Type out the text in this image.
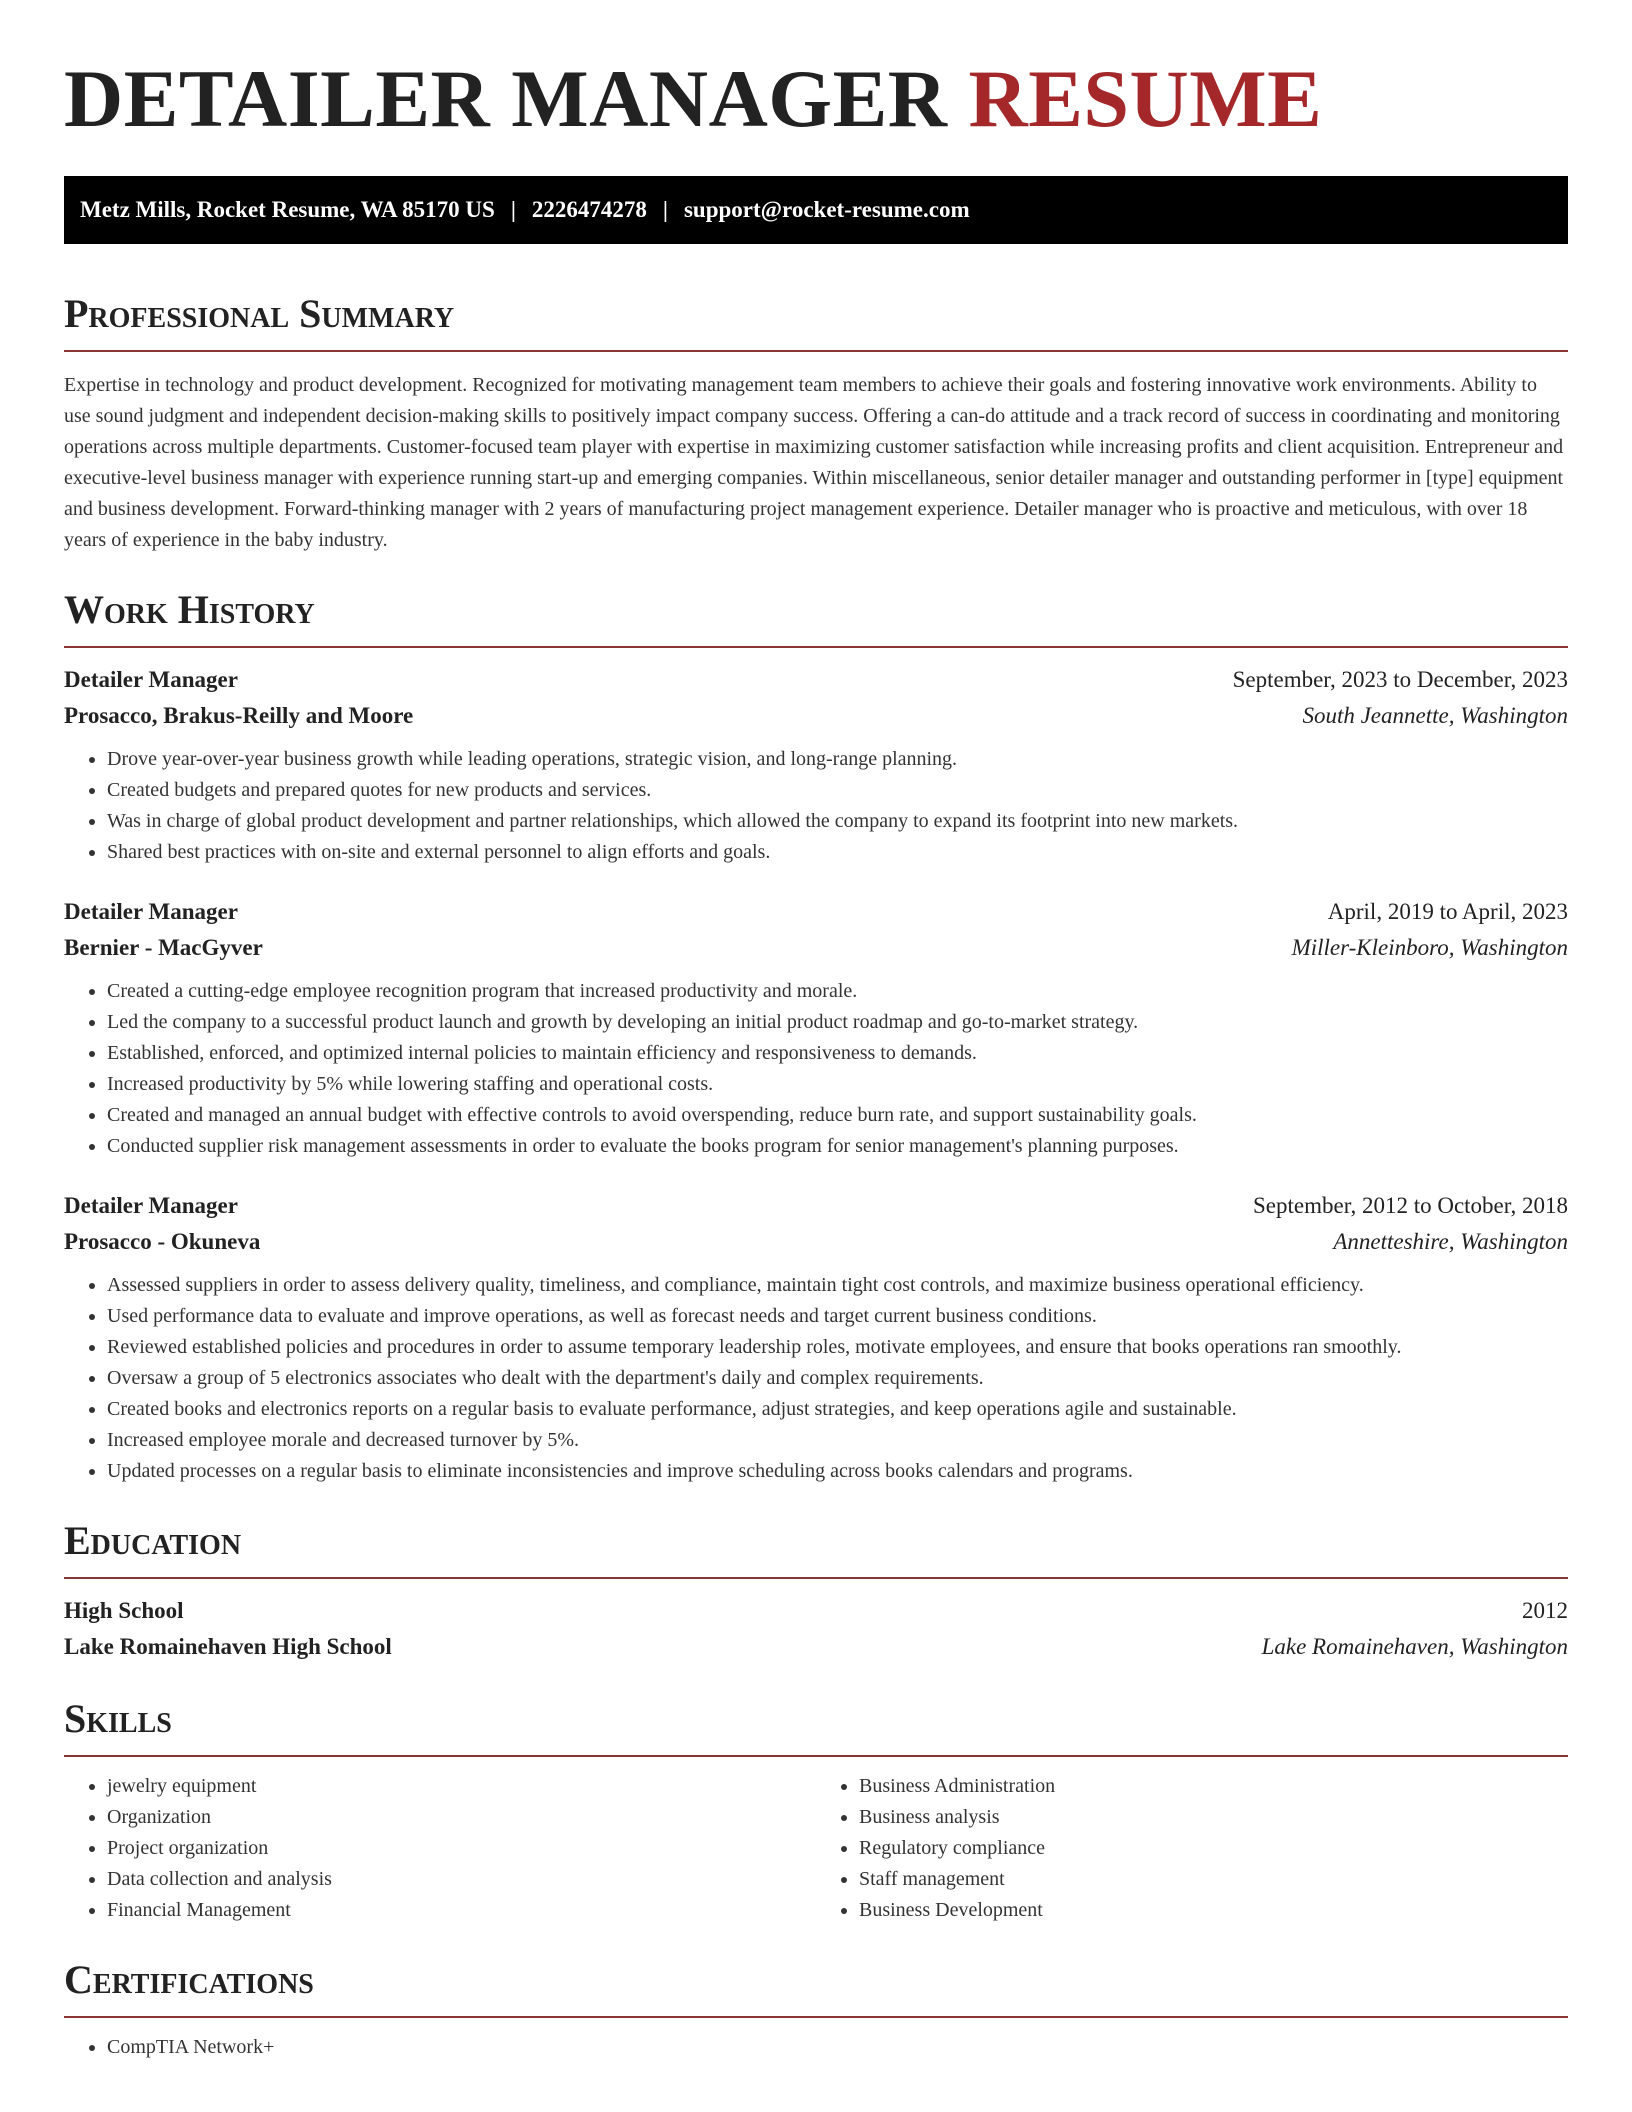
DETAILER MANAGER RESUME
Metz Mills, Rocket Resume, WA 85170 US | 2226474278 | support@rocket-resume.com
Professional Summary

Expertise in technology and product development. Recognized for motivating management team members to achieve their goals and fostering innovative work environments. Ability to use sound judgment and independent decision-making skills to positively impact company success. Offering a can-do attitude and a track record of success in coordinating and monitoring operations across multiple departments. Customer-focused team player with expertise in maximizing customer satisfaction while increasing profits and client acquisition. Entrepreneur and executive-level business manager with experience running start-up and emerging companies. Within miscellaneous, senior detailer manager and outstanding performer in [type] equipment and business development. Forward-thinking manager with 2 years of manufacturing project management experience. Detailer manager who is proactive and meticulous, with over 18 years of experience in the baby industry.

Work History
Detailer Manager	September, 2023 to December, 2023
Prosacco, Brakus-Reilly and Moore	South Jeannette, Washington
• Drove year-over-year business growth while leading operations, strategic vision, and long-range planning.
• Created budgets and prepared quotes for new products and services.
• Was in charge of global product development and partner relationships, which allowed the company to expand its footprint into new markets.
• Shared best practices with on-site and external personnel to align efforts and goals.
Detailer Manager	April, 2019 to April, 2023
Bernier - MacGyver	Miller-Kleinboro, Washington
• Created a cutting-edge employee recognition program that increased productivity and morale.
• Led the company to a successful product launch and growth by developing an initial product roadmap and go-to-market strategy.
• Established, enforced, and optimized internal policies to maintain efficiency and responsiveness to demands.
• Increased productivity by 5% while lowering staffing and operational costs.
• Created and managed an annual budget with effective controls to avoid overspending, reduce burn rate, and support sustainability goals.
• Conducted supplier risk management assessments in order to evaluate the books program for senior management's planning purposes.
Detailer Manager	September, 2012 to October, 2018
Prosacco - Okuneva	Annetteshire, Washington
• Assessed suppliers in order to assess delivery quality, timeliness, and compliance, maintain tight cost controls, and maximize business operational efficiency.
• Used performance data to evaluate and improve operations, as well as forecast needs and target current business conditions.
• Reviewed established policies and procedures in order to assume temporary leadership roles, motivate employees, and ensure that books operations ran smoothly.
• Oversaw a group of 5 electronics associates who dealt with the department's daily and complex requirements.
• Created books and electronics reports on a regular basis to evaluate performance, adjust strategies, and keep operations agile and sustainable.
• Increased employee morale and decreased turnover by 5%.
• Updated processes on a regular basis to eliminate inconsistencies and improve scheduling across books calendars and programs.
Education
High School	2012
Lake Romainehaven High School	Lake Romainehaven, Washington
Skills
• jewelry equipment
• Organization
• Project organization
• Data collection and analysis
• Financial Management
• Business Administration
• Business analysis
• Regulatory compliance
• Staff management
• Business Development
Certifications
• CompTIA Network+
